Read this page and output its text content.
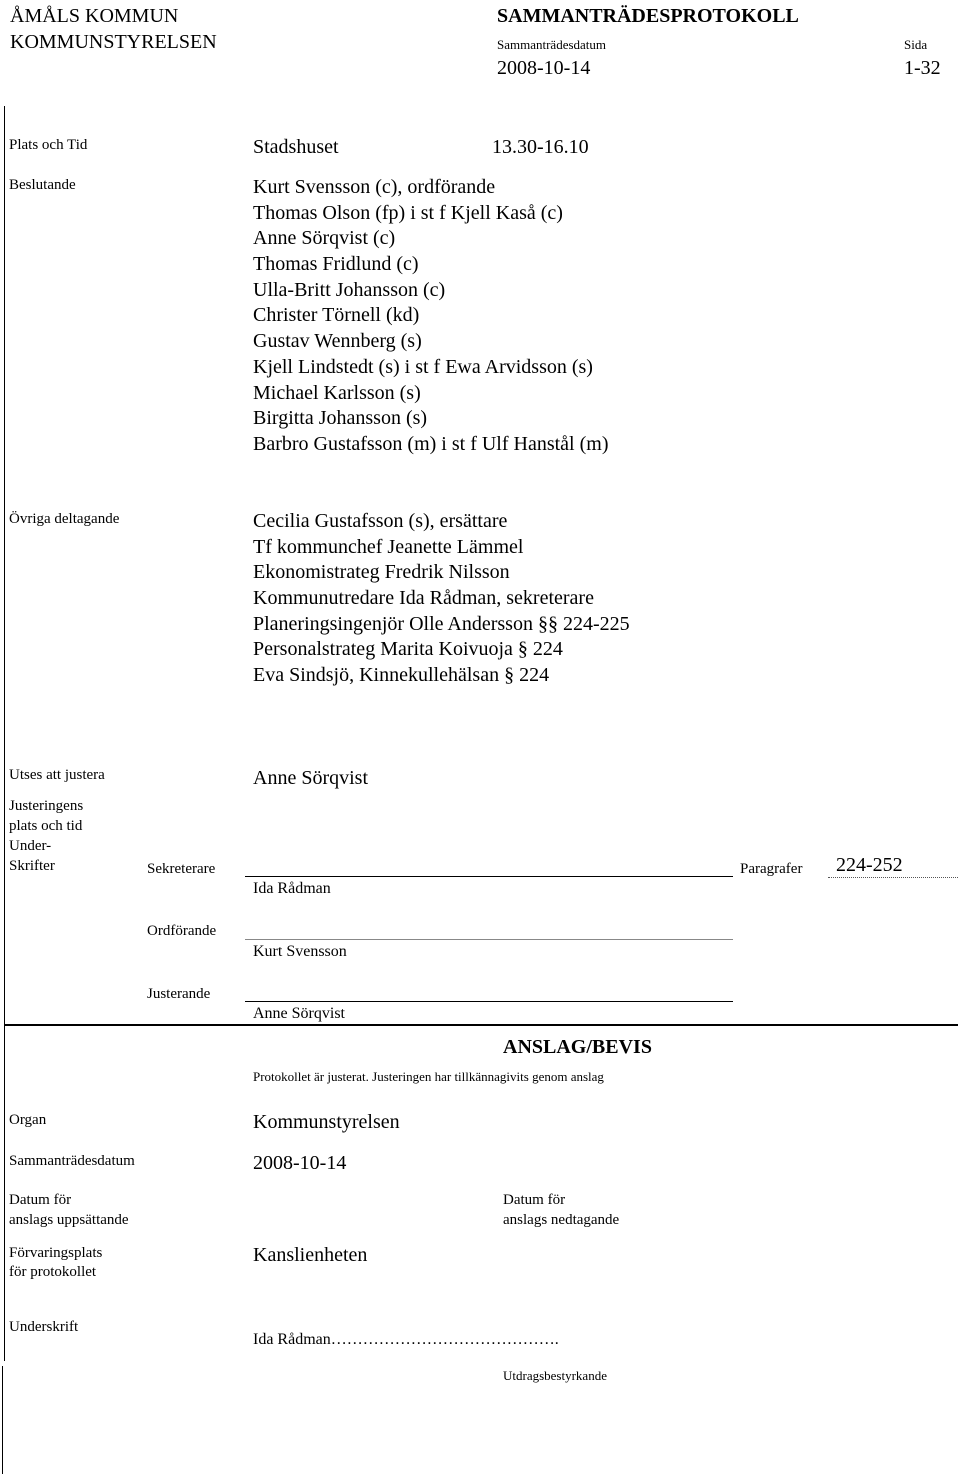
ÅMÅLS KOMMUN
KOMMUNSTYRELSEN
SAMMANTRÄDESPROTOKOLL
Sammanträdesdatum
2008-10-14
Sida
1-32
Plats och Tid	Stadshuset	13.30-16.10
Beslutande	Kurt Svensson (c), ordförande
Thomas Olson (fp) i st f Kjell Kaså (c)
Anne Sörqvist (c)
Thomas Fridlund (c)
Ulla-Britt Johansson (c)
Christer Törnell (kd)
Gustav Wennberg (s)
Kjell Lindstedt (s) i st f Ewa Arvidsson (s)
Michael Karlsson (s)
Birgitta Johansson (s)
Barbro Gustafsson (m) i st f Ulf Hanstål (m)
Övriga deltagande	Cecilia Gustafsson (s), ersättare
Tf kommunchef Jeanette Lämmel
Ekonomistrateg Fredrik Nilsson
Kommunutredare Ida Rådman, sekreterare
Planeringsingenjör Olle Andersson §§ 224-225
Personalstrateg Marita Koivuoja § 224
Eva Sindsjö, Kinnekullehälsan § 224
Utses att justera	Anne Sörqvist
Justeringens
plats och tid
Under-
Skrifter	Sekreterare
Ida Rådman
Paragrafer 224-252
Ordförande
Kurt Svensson
Justerande
Anne Sörqvist
ANSLAG/BEVIS
Protokollet är justerat. Justeringen har tillkännagivits genom anslag
Organ	Kommunstyrelsen
Sammanträdesdatum	2008-10-14
Datum för
anslags uppsättande
Datum för
anslags nedtagande
Förvaringsplats
för protokollet
Kanslienheten
Underskrift
Ida Rådman…………………………………….
Utdragsbestyrkande
